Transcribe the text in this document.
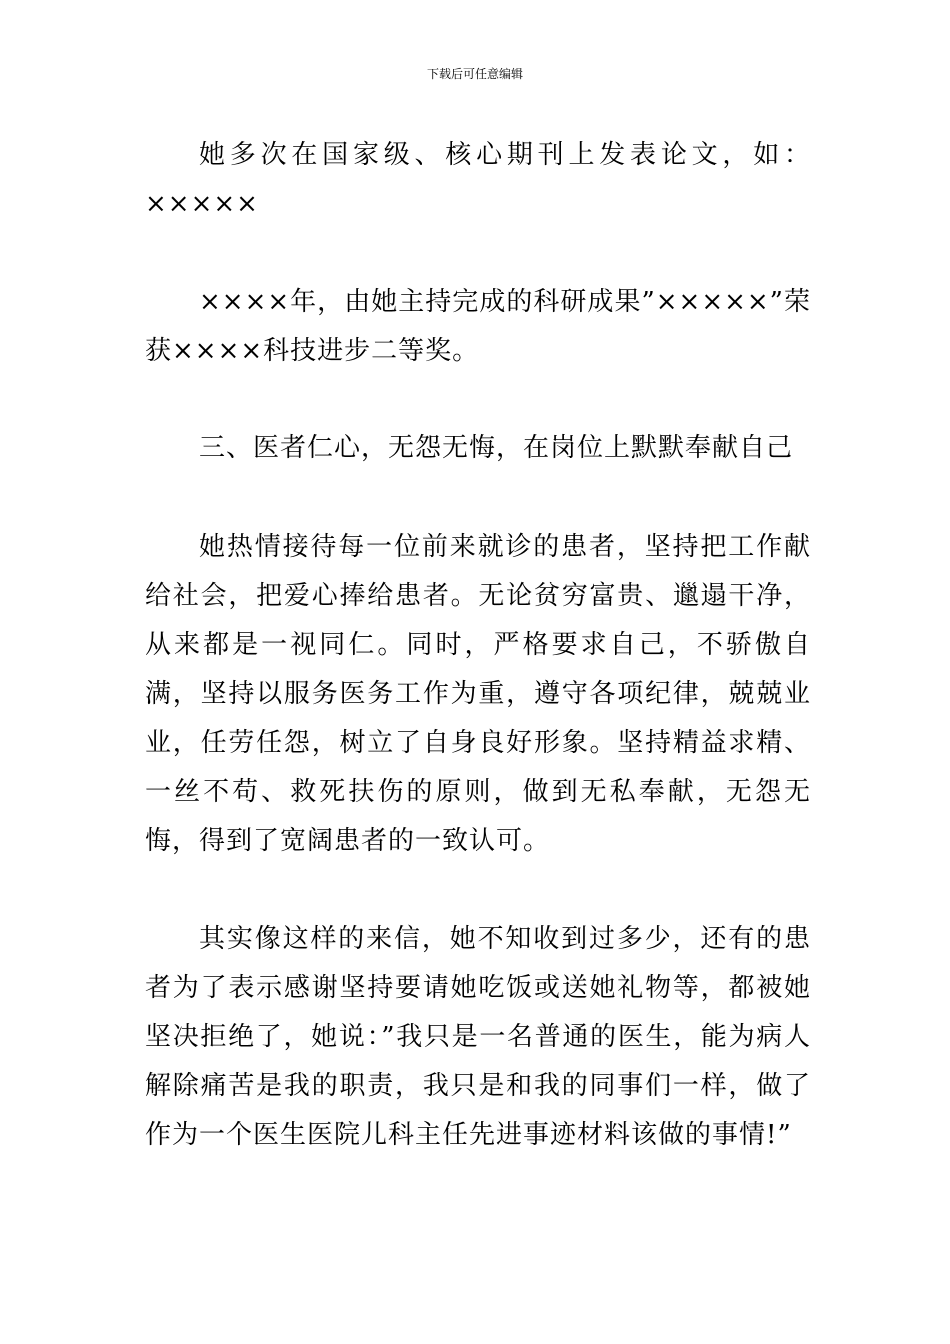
下载后可任意编辑

她多次在国家级、核心期刊上发表论文，如：×××××

××××年，由她主持完成的科研成果”×××××”荣获××××科技进步二等奖。

三、医者仁心，无怨无悔，在岗位上默默奉献自己

她热情接待每一位前来就诊的患者，坚持把工作献给社会，把爱心捧给患者。无论贫穷富贵、邋遢干净，从来都是一视同仁。同时，严格要求自己，不骄傲自满，坚持以服务医务工作为重，遵守各项纪律，兢兢业业，任劳任怨，树立了自身良好形象。坚持精益求精、一丝不苟、救死扶伤的原则，做到无私奉献，无怨无悔，得到了宽阔患者的一致认可。

其实像这样的来信，她不知收到过多少，还有的患者为了表示感谢坚持要请她吃饭或送她礼物等，都被她坚决拒绝了，她说：”我只是一名普通的医生，能为病人解除痛苦是我的职责，我只是和我的同事们一样，做了作为一个医生医院儿科主任先进事迹材料该做的事情!”
